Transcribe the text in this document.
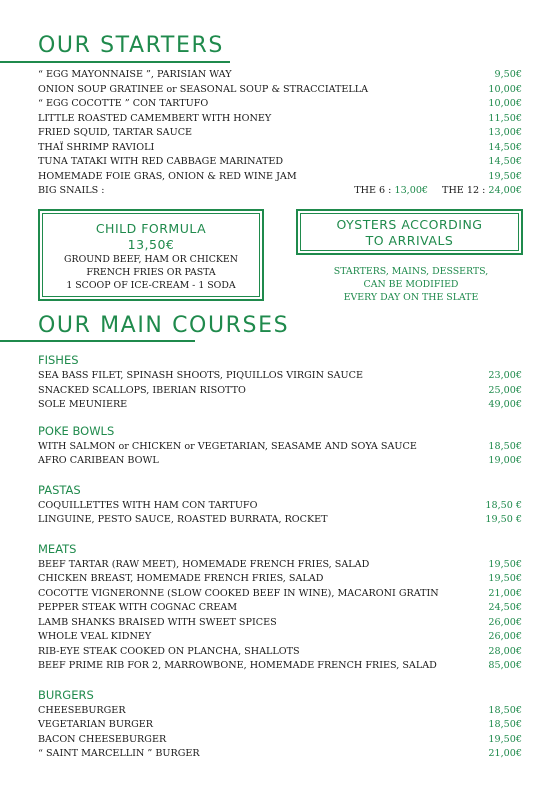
OUR STARTERS
“ EGG MAYONNAISE ”, PARISIAN WAY	9,50€
ONION SOUP GRATINEE or SEASONAL SOUP & STRACCIATELLA	10,00€
“ EGG COCOTTE ” CON TARTUFO	10,00€
LITTLE ROASTED CAMEMBERT WITH HONEY	11,50€
FRIED SQUID, TARTAR SAUCE	13,00€
THAÏ SHRIMP RAVIOLI	14,50€
TUNA TATAKI WITH RED CABBAGE MARINATED	14,50€
HOMEMADE FOIE GRAS, ONION & RED WINE JAM	19,50€
BIG SNAILS :	THE 6 : 13,00€ THE 12 : 24,00€
CHILD FORMULA
13,50€
GROUND BEEF, HAM OR CHICKEN
FRENCH FRIES OR PASTA
1 SCOOP OF ICE-CREAM - 1 SODA
OYSTERS ACCORDING
TO ARRIVALS
STARTERS, MAINS, DESSERTS,
CAN BE MODIFIED
EVERY DAY ON THE SLATE
OUR MAIN COURSES
FISHES
SEA BASS FILET, SPINASH SHOOTS, PIQUILLOS VIRGIN SAUCE	23,00€
SNACKED SCALLOPS, IBERIAN RISOTTO	25,00€
SOLE MEUNIERE	49,00€
POKE BOWLS
WITH SALMON or CHICKEN or VEGETARIAN, SEASAME AND SOYA SAUCE	18,50€
AFRO CARIBEAN BOWL	19,00€
PASTAS
COQUILLETTES WITH HAM CON TARTUFO	18,50 €
LINGUINE, PESTO SAUCE, ROASTED BURRATA, ROCKET	19,50 €
MEATS
BEEF TARTAR (RAW MEET), HOMEMADE FRENCH FRIES, SALAD	19,50€
CHICKEN BREAST, HOMEMADE FRENCH FRIES, SALAD	19,50€
COCOTTE VIGNERONNE (SLOW COOKED BEEF IN WINE), MACARONI GRATIN	21,00€
PEPPER STEAK WITH COGNAC CREAM	24,50€
LAMB SHANKS BRAISED WITH SWEET SPICES	26,00€
WHOLE VEAL KIDNEY	26,00€
RIB-EYE STEAK COOKED ON PLANCHA, SHALLOTS	28,00€
BEEF PRIME RIB FOR 2, MARROWBONE, HOMEMADE FRENCH FRIES, SALAD	85,00€
BURGERS
CHEESEBURGER	18,50€
VEGETARIAN BURGER	18,50€
BACON CHEESEBURGER	19,50€
“ SAINT MARCELLIN ” BURGER	21,00€
